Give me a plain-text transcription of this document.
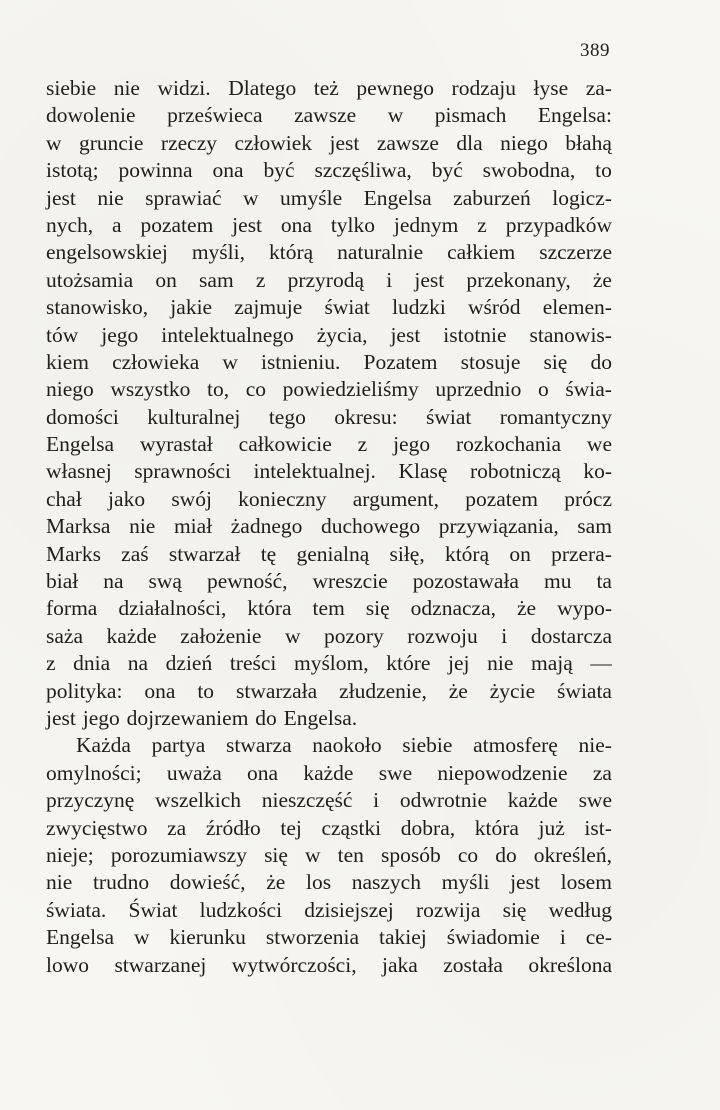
389
siebie nie widzi. Dlatego też pewnego rodzaju łyse za-
dowolenie prześwieca zawsze w pismach Engelsa:
w gruncie rzeczy człowiek jest zawsze dla niego błahą
istotą; powinna ona być szczęśliwa, być swobodna, to
jest nie sprawiać w umyśle Engelsa zaburzeń logicz-
nych, a pozatem jest ona tylko jednym z przypadków
engelsowskiej myśli, którą naturalnie całkiem szczerze
utożsamia on sam z przyrodą i jest przekonany, że
stanowisko, jakie zajmuje świat ludzki wśród elemen-
tów jego intelektualnego życia, jest istotnie stanowis-
kiem człowieka w istnieniu. Pozatem stosuje się do
niego wszystko to, co powiedzieliśmy uprzednio o świa-
domości kulturalnej tego okresu: świat romantyczny
Engelsa wyrastał całkowicie z jego rozkochania we
własnej sprawności intelektualnej. Klasę robotniczą ko-
chał jako swój konieczny argument, pozatem prócz
Marksa nie miał żadnego duchowego przywiązania, sam
Marks zaś stwarzał tę genialną siłę, którą on przera-
biał na swą pewność, wreszcie pozostawała mu ta
forma działalności, która tem się odznacza, że wypo-
saża każde założenie w pozory rozwoju i dostarcza
z dnia na dzień treści myślom, które jej nie mają —
polityka: ona to stwarzała złudzenie, że życie świata
jest jego dojrzewaniem do Engelsa.
Każda partya stwarza naokoło siebie atmosferę nie-
omylności; uważa ona każde swe niepowodzenie za
przyczynę wszelkich nieszczęść i odwrotnie każde swe
zwycięstwo za źródło tej cząstki dobra, która już ist-
nieje; porozumiawszy się w ten sposób co do określeń,
nie trudno dowieść, że los naszych myśli jest losem
świata. Świat ludzkości dzisiejszej rozwija się według
Engelsa w kierunku stworzenia takiej świadomie i ce-
lowo stwarzanej wytwórczości, jaka została określona
